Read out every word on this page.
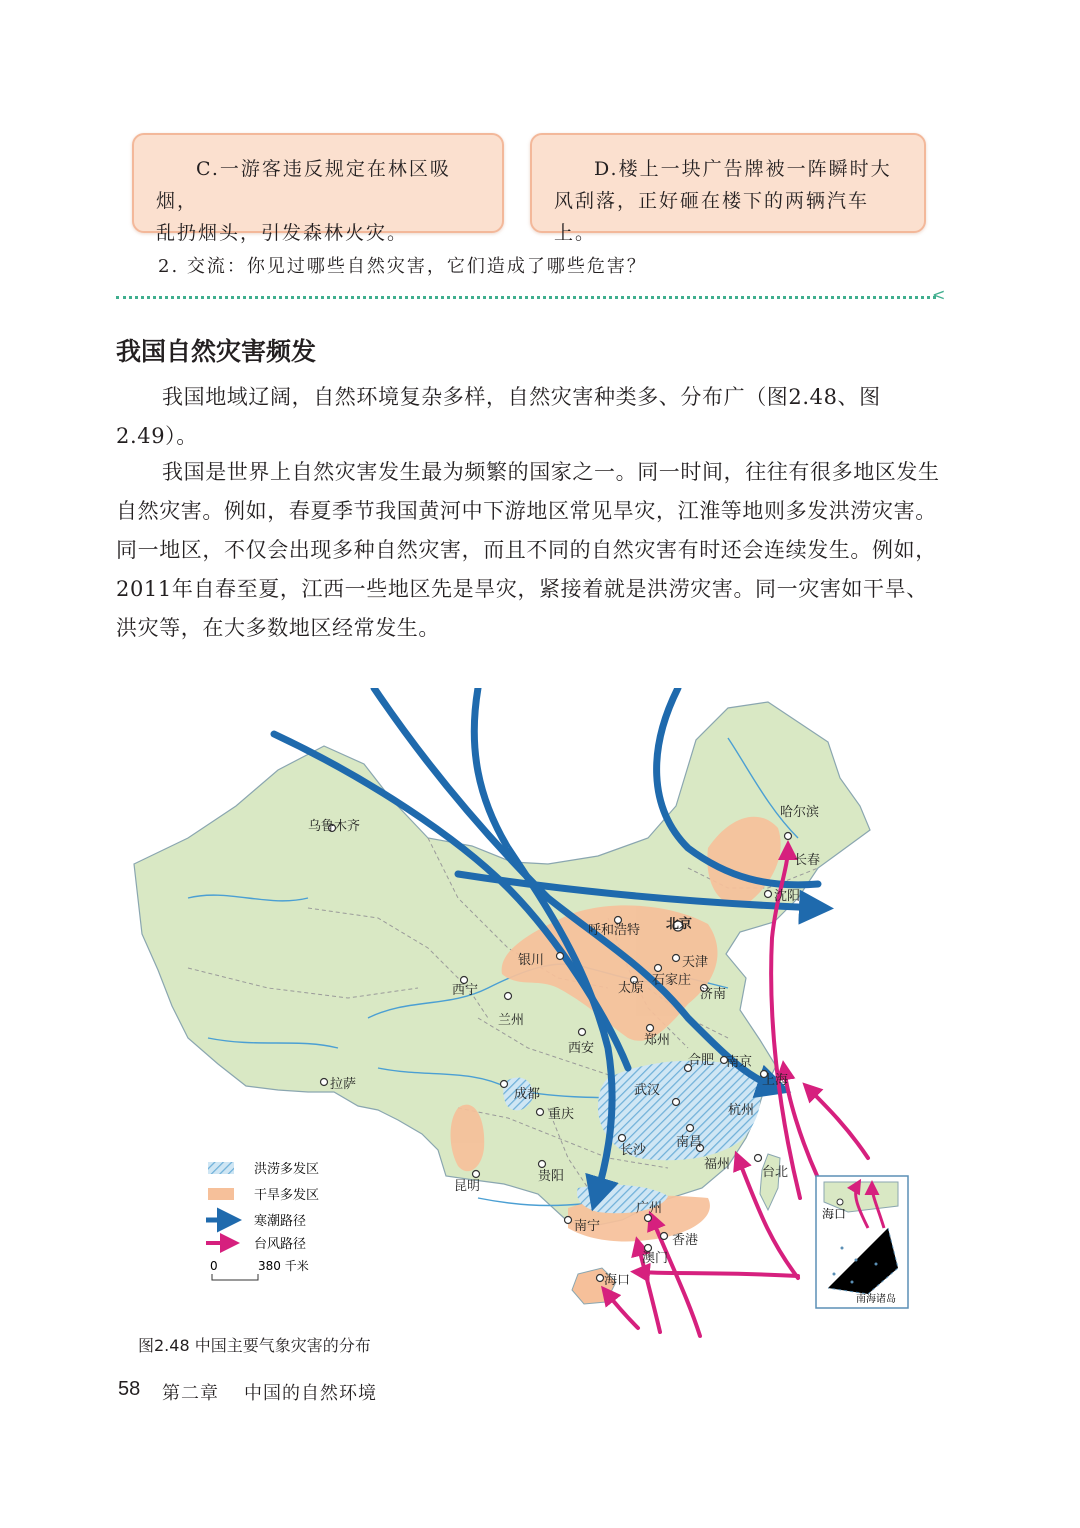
C.一游客违反规定在林区吸烟，

乱扔烟头，引发森林火灾。

D.楼上一块广告牌被一阵瞬时大

风刮落，正好砸在楼下的两辆汽车上。

2. 交流：你见过哪些自然灾害，它们造成了哪些危害？
<
我国自然灾害频发

我国地域辽阔，自然环境复杂多样，自然灾害种类多、分布广（图2.48、图2.49）。

我国是世界上自然灾害发生最为频繁的国家之一。同一时间，往往有很多地区发生自然灾害。例如，春夏季节我国黄河中下游地区常见旱灾，江淮等地则多发洪涝灾害。同一地区，不仅会出现多种自然灾害，而且不同的自然灾害有时还会连续发生。例如，2011年自春至夏，江西一些地区先是旱灾，紧接着就是洪涝灾害。同一灾害如干旱、洪灾等，在大多数地区经常发生。

哈尔滨
长春
沈阳
乌鲁木齐
呼和浩特 北京
天津
银川
石家庄
太原	济南
西宁
兰州
西安
郑州
合肥 南京
上海
拉萨
成都	武汉
杭州
重庆
南昌
长沙
福州
台北
昆明
贵阳
南宁
广州
香港
澳门
海口
洪涝多发区
干旱多发区
寒潮路径
台风路径
0	380 千米
海口
南海诸岛
图2.48 中国主要气象灾害的分布
58 第二章 中国的自然环境
